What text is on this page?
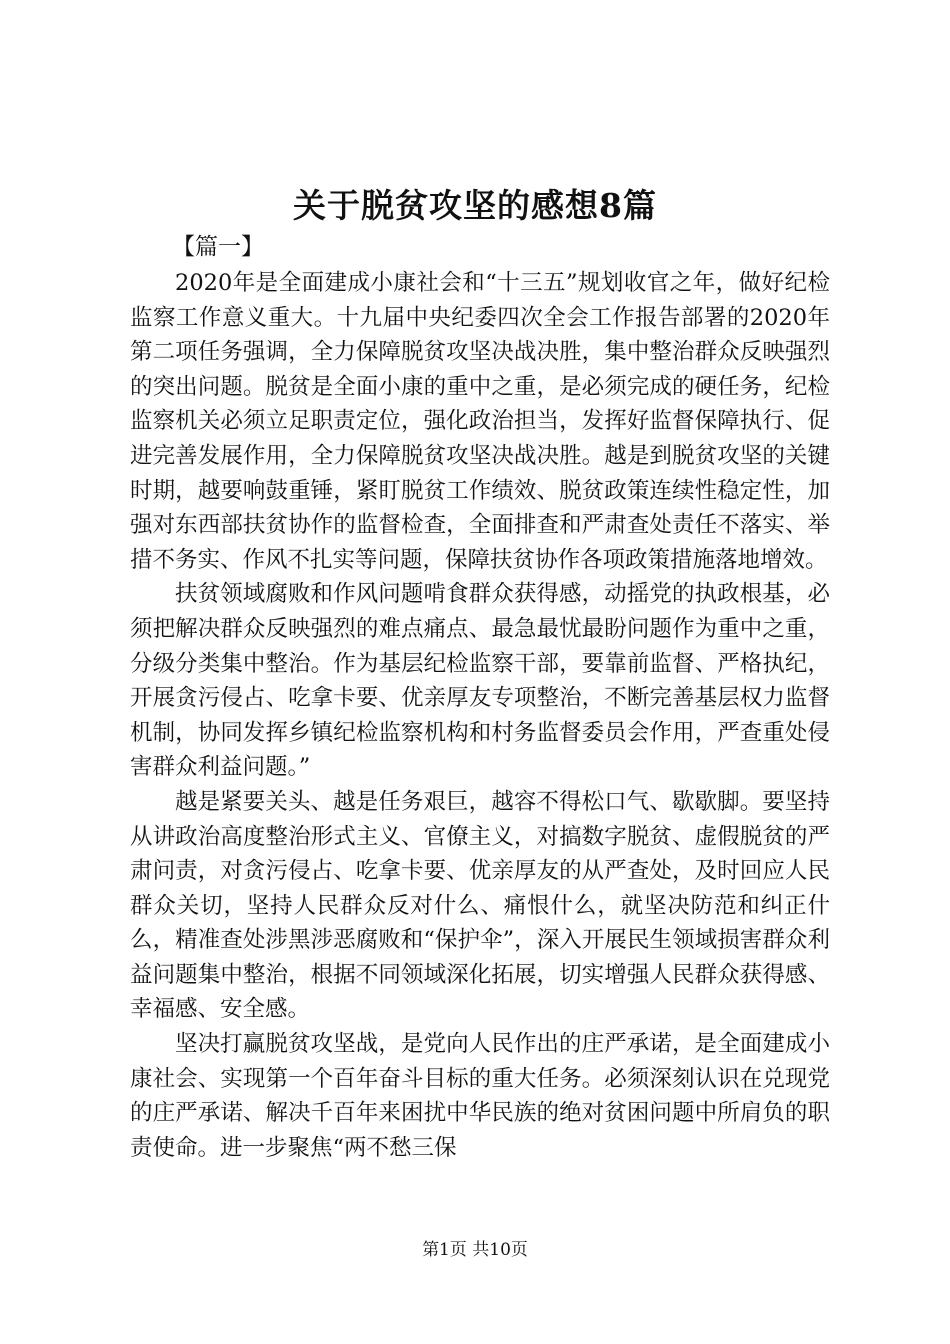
关于脱贫攻坚的感想8篇
【篇一】

2020年是全面建成小康社会和“十三五”规划收官之年，做好纪检监察工作意义重大。十九届中央纪委四次全会工作报告部署的2020年第二项任务强调，全力保障脱贫攻坚决战决胜，集中整治群众反映强烈的突出问题。脱贫是全面小康的重中之重，是必须完成的硬任务，纪检监察机关必须立足职责定位，强化政治担当，发挥好监督保障执行、促进完善发展作用，全力保障脱贫攻坚决战决胜。越是到脱贫攻坚的关键时期，越要响鼓重锤，紧盯脱贫工作绩效、脱贫政策连续性稳定性，加强对东西部扶贫协作的监督检查，全面排查和严肃查处责任不落实、举措不务实、作风不扎实等问题，保障扶贫协作各项政策措施落地增效。

扶贫领域腐败和作风问题啃食群众获得感，动摇党的执政根基，必须把解决群众反映强烈的难点痛点、最急最忧最盼问题作为重中之重，分级分类集中整治。作为基层纪检监察干部，要靠前监督、严格执纪，开展贪污侵占、吃拿卡要、优亲厚友专项整治，不断完善基层权力监督机制，协同发挥乡镇纪检监察机构和村务监督委员会作用，严查重处侵害群众利益问题。”

越是紧要关头、越是任务艰巨，越容不得松口气、歇歇脚。要坚持从讲政治高度整治形式主义、官僚主义，对搞数字脱贫、虚假脱贫的严肃问责，对贪污侵占、吃拿卡要、优亲厚友的从严查处，及时回应人民群众关切，坚持人民群众反对什么、痛恨什么，就坚决防范和纠正什么，精准查处涉黑涉恶腐败和“保护伞”，深入开展民生领域损害群众利益问题集中整治，根据不同领域深化拓展，切实增强人民群众获得感、幸福感、安全感。

坚决打赢脱贫攻坚战，是党向人民作出的庄严承诺，是全面建成小康社会、实现第一个百年奋斗目标的重大任务。必须深刻认识在兑现党的庄严承诺、解决千百年来困扰中华民族的绝对贫困问题中所肩负的职责使命。进一步聚焦“两不愁三保

第1页 共10页
